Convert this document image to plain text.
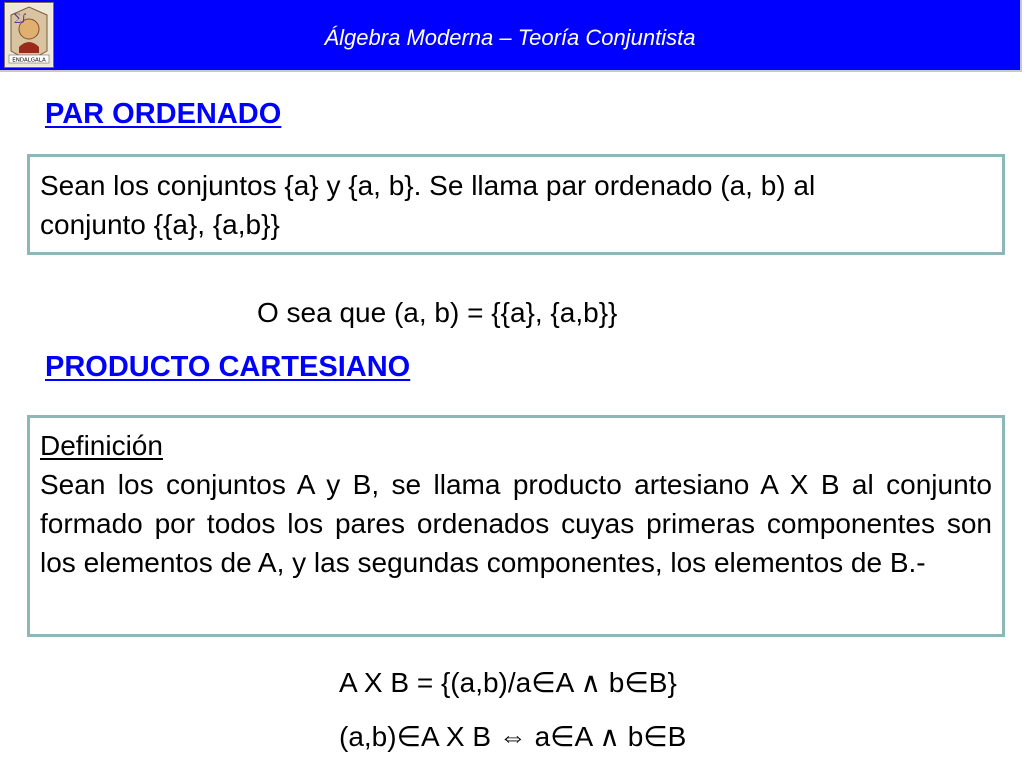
∑∫
ENDALGALA
Álgebra Moderna – Teoría Conjuntista
PAR ORDENADO
Sean los conjuntos {a} y {a, b}. Se llama par ordenado (a, b) al
conjunto {{a}, {a,b}}
O sea que (a, b) = {{a}, {a,b}}
PRODUCTO CARTESIANO
Definición
Sean los conjuntos A y B, se llama producto artesiano A X B al conjunto formado por todos los pares ordenados cuyas primeras componentes son los elementos de A, y las segundas componentes, los elementos de B.-
A X B = {(a,b)/a∈A ∧ b∈B}
(a,b)∈A X B ⇔ a∈A ∧ b∈B
